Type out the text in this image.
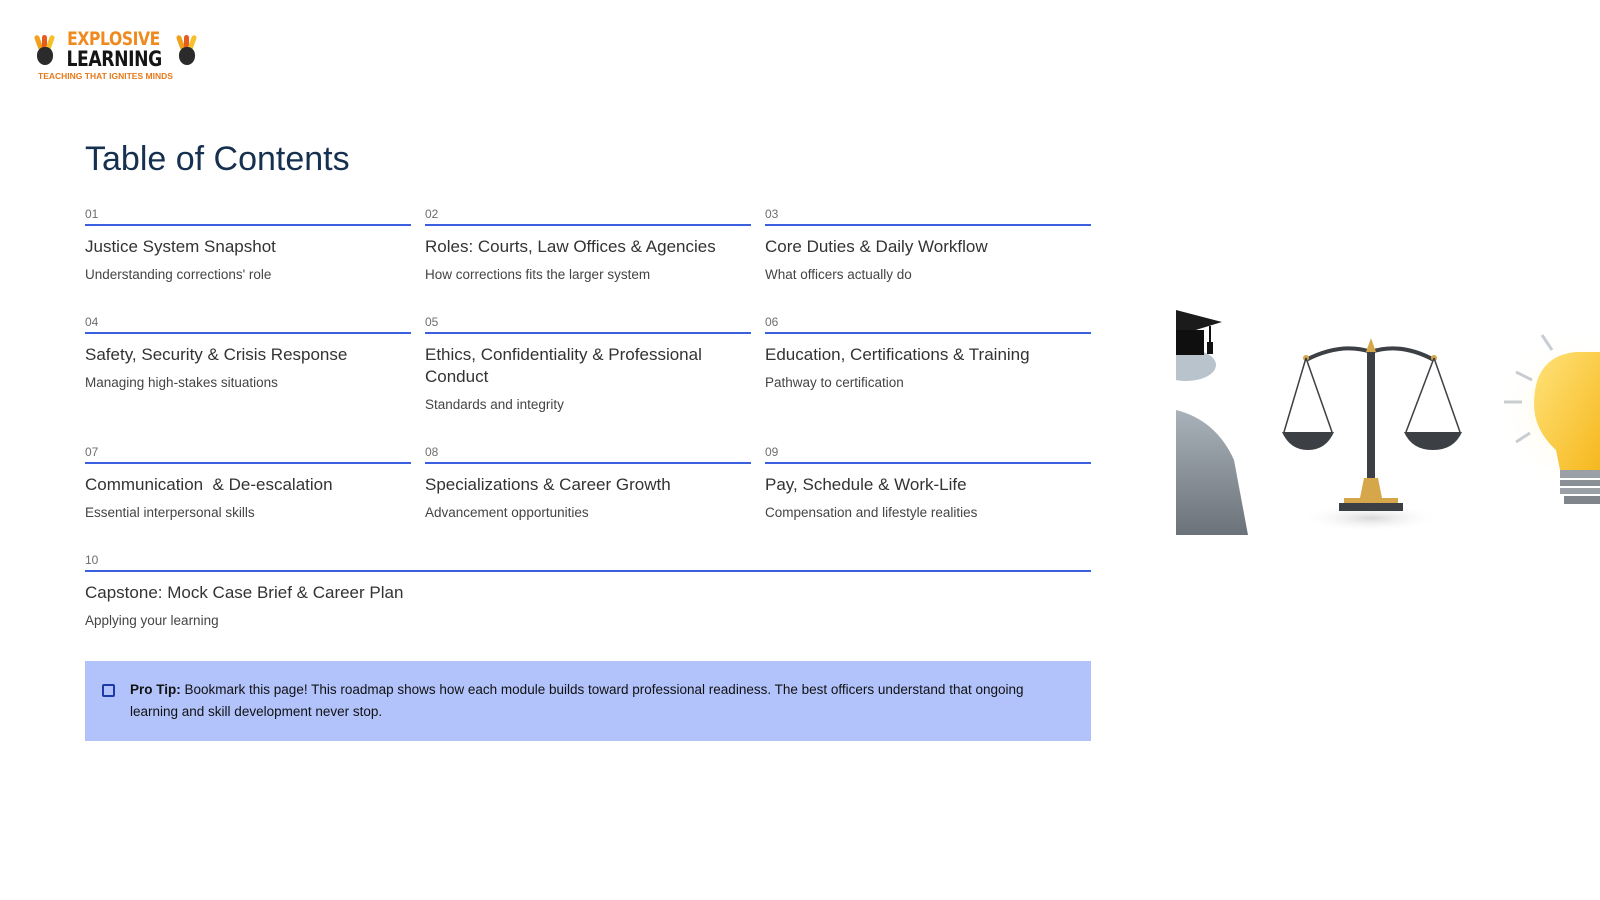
EXPLOSIVE
LEARNING
TEACHING THAT IGNITES MINDS
Table of Contents
01
Justice System Snapshot
Understanding corrections' role
02
Roles: Courts, Law Offices & Agencies
How corrections fits the larger system
03
Core Duties & Daily Workflow
What officers actually do
04
Safety, Security & Crisis Response
Managing high-stakes situations
05
Ethics, Confidentiality & Professional Conduct
Standards and integrity
06
Education, Certifications & Training
Pathway to certification
07
Communication  & De-escalation
Essential interpersonal skills
08
Specializations & Career Growth
Advancement opportunities
09
Pay, Schedule & Work-Life
Compensation and lifestyle realities
10
Capstone: Mock Case Brief & Career Plan
Applying your learning
Pro Tip: Bookmark this page! This roadmap shows how each module builds toward professional readiness. The best officers understand that ongoing learning and skill development never stop.
